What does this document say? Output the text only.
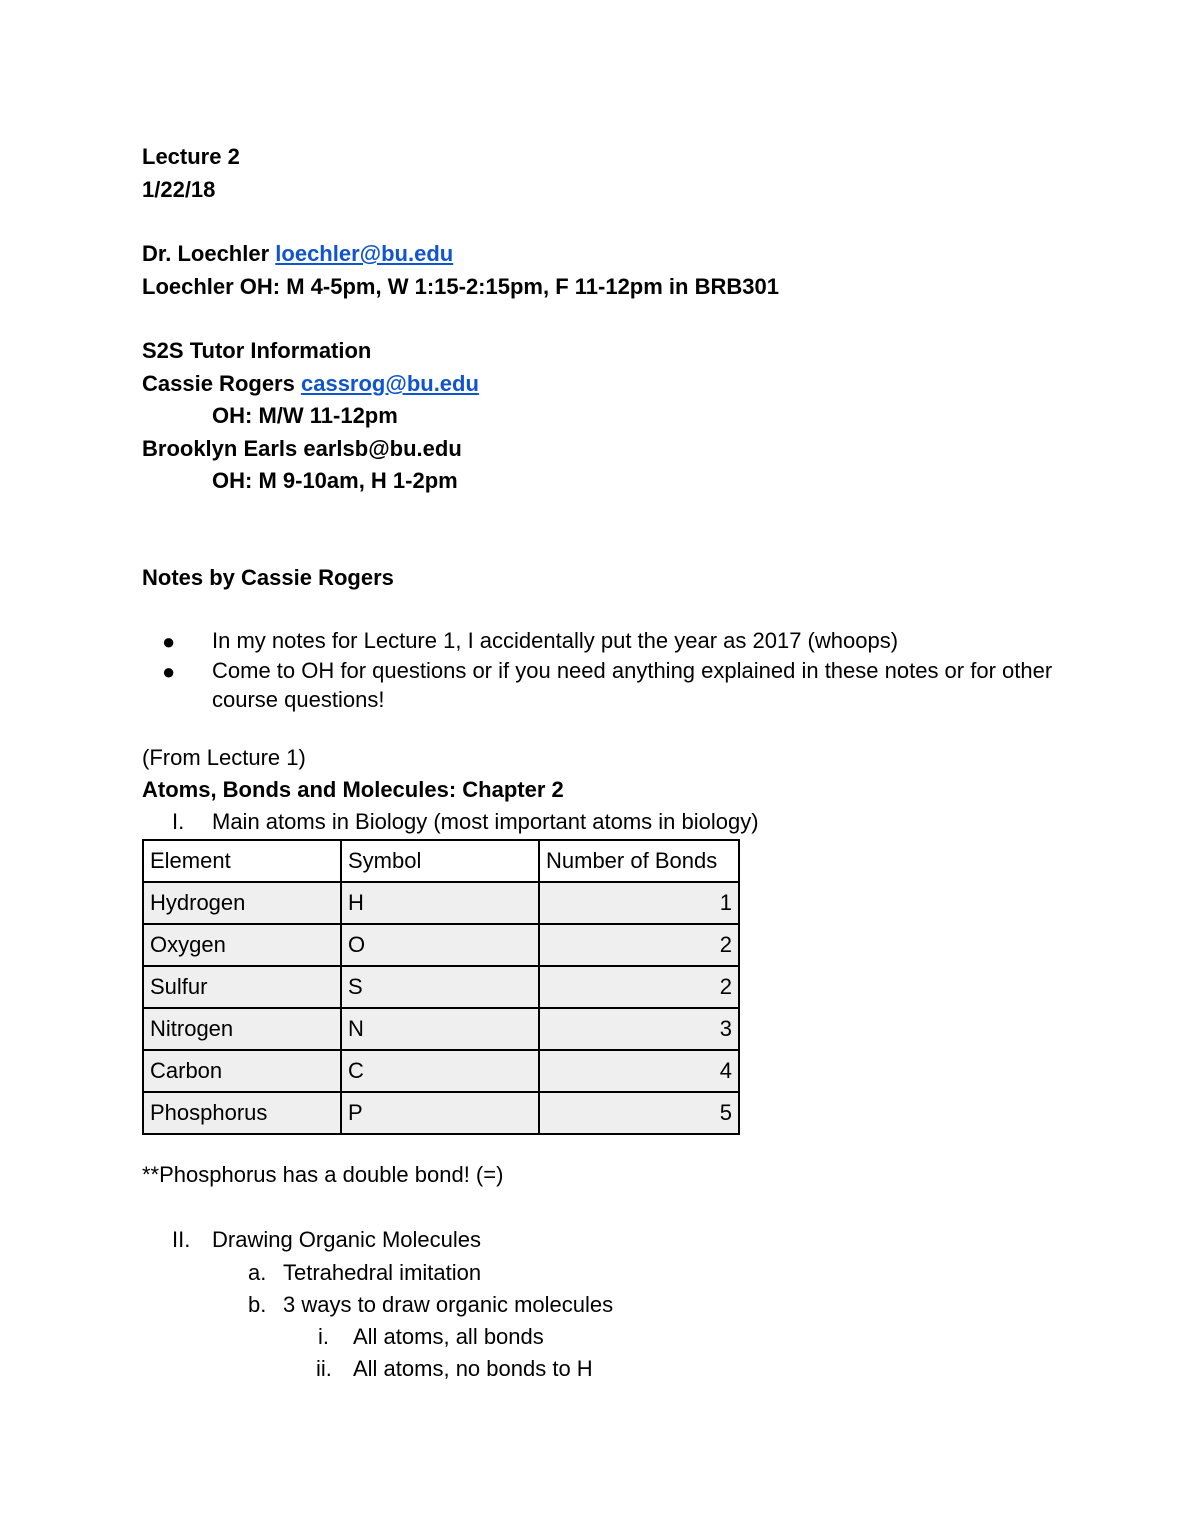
Lecture 2
1/22/18
Dr. Loechler loechler@bu.edu
Loechler OH: M 4-5pm, W 1:15-2:15pm, F 11-12pm in BRB301
S2S Tutor Information
Cassie Rogers cassrog@bu.edu
OH: M/W 11-12pm
Brooklyn Earls earlsb@bu.edu
OH: M 9-10am, H 1-2pm
Notes by Cassie Rogers
● In my notes for Lecture 1, I accidentally put the year as 2017 (whoops)
● Come to OH for questions or if you need anything explained in these notes or for other
course questions!
(From Lecture 1)
Atoms, Bonds and Molecules: Chapter 2
I. Main atoms in Biology (most important atoms in biology)
Element	Symbol	Number of Bonds
Hydrogen	H	1
Oxygen	O	2
Sulfur	S	2
Nitrogen	N	3
Carbon	C	4
Phosphorus	P	5
**Phosphorus has a double bond! (=)
II. Drawing Organic Molecules
a. Tetrahedral imitation
b. 3 ways to draw organic molecules
i. All atoms, all bonds
ii. All atoms, no bonds to H
